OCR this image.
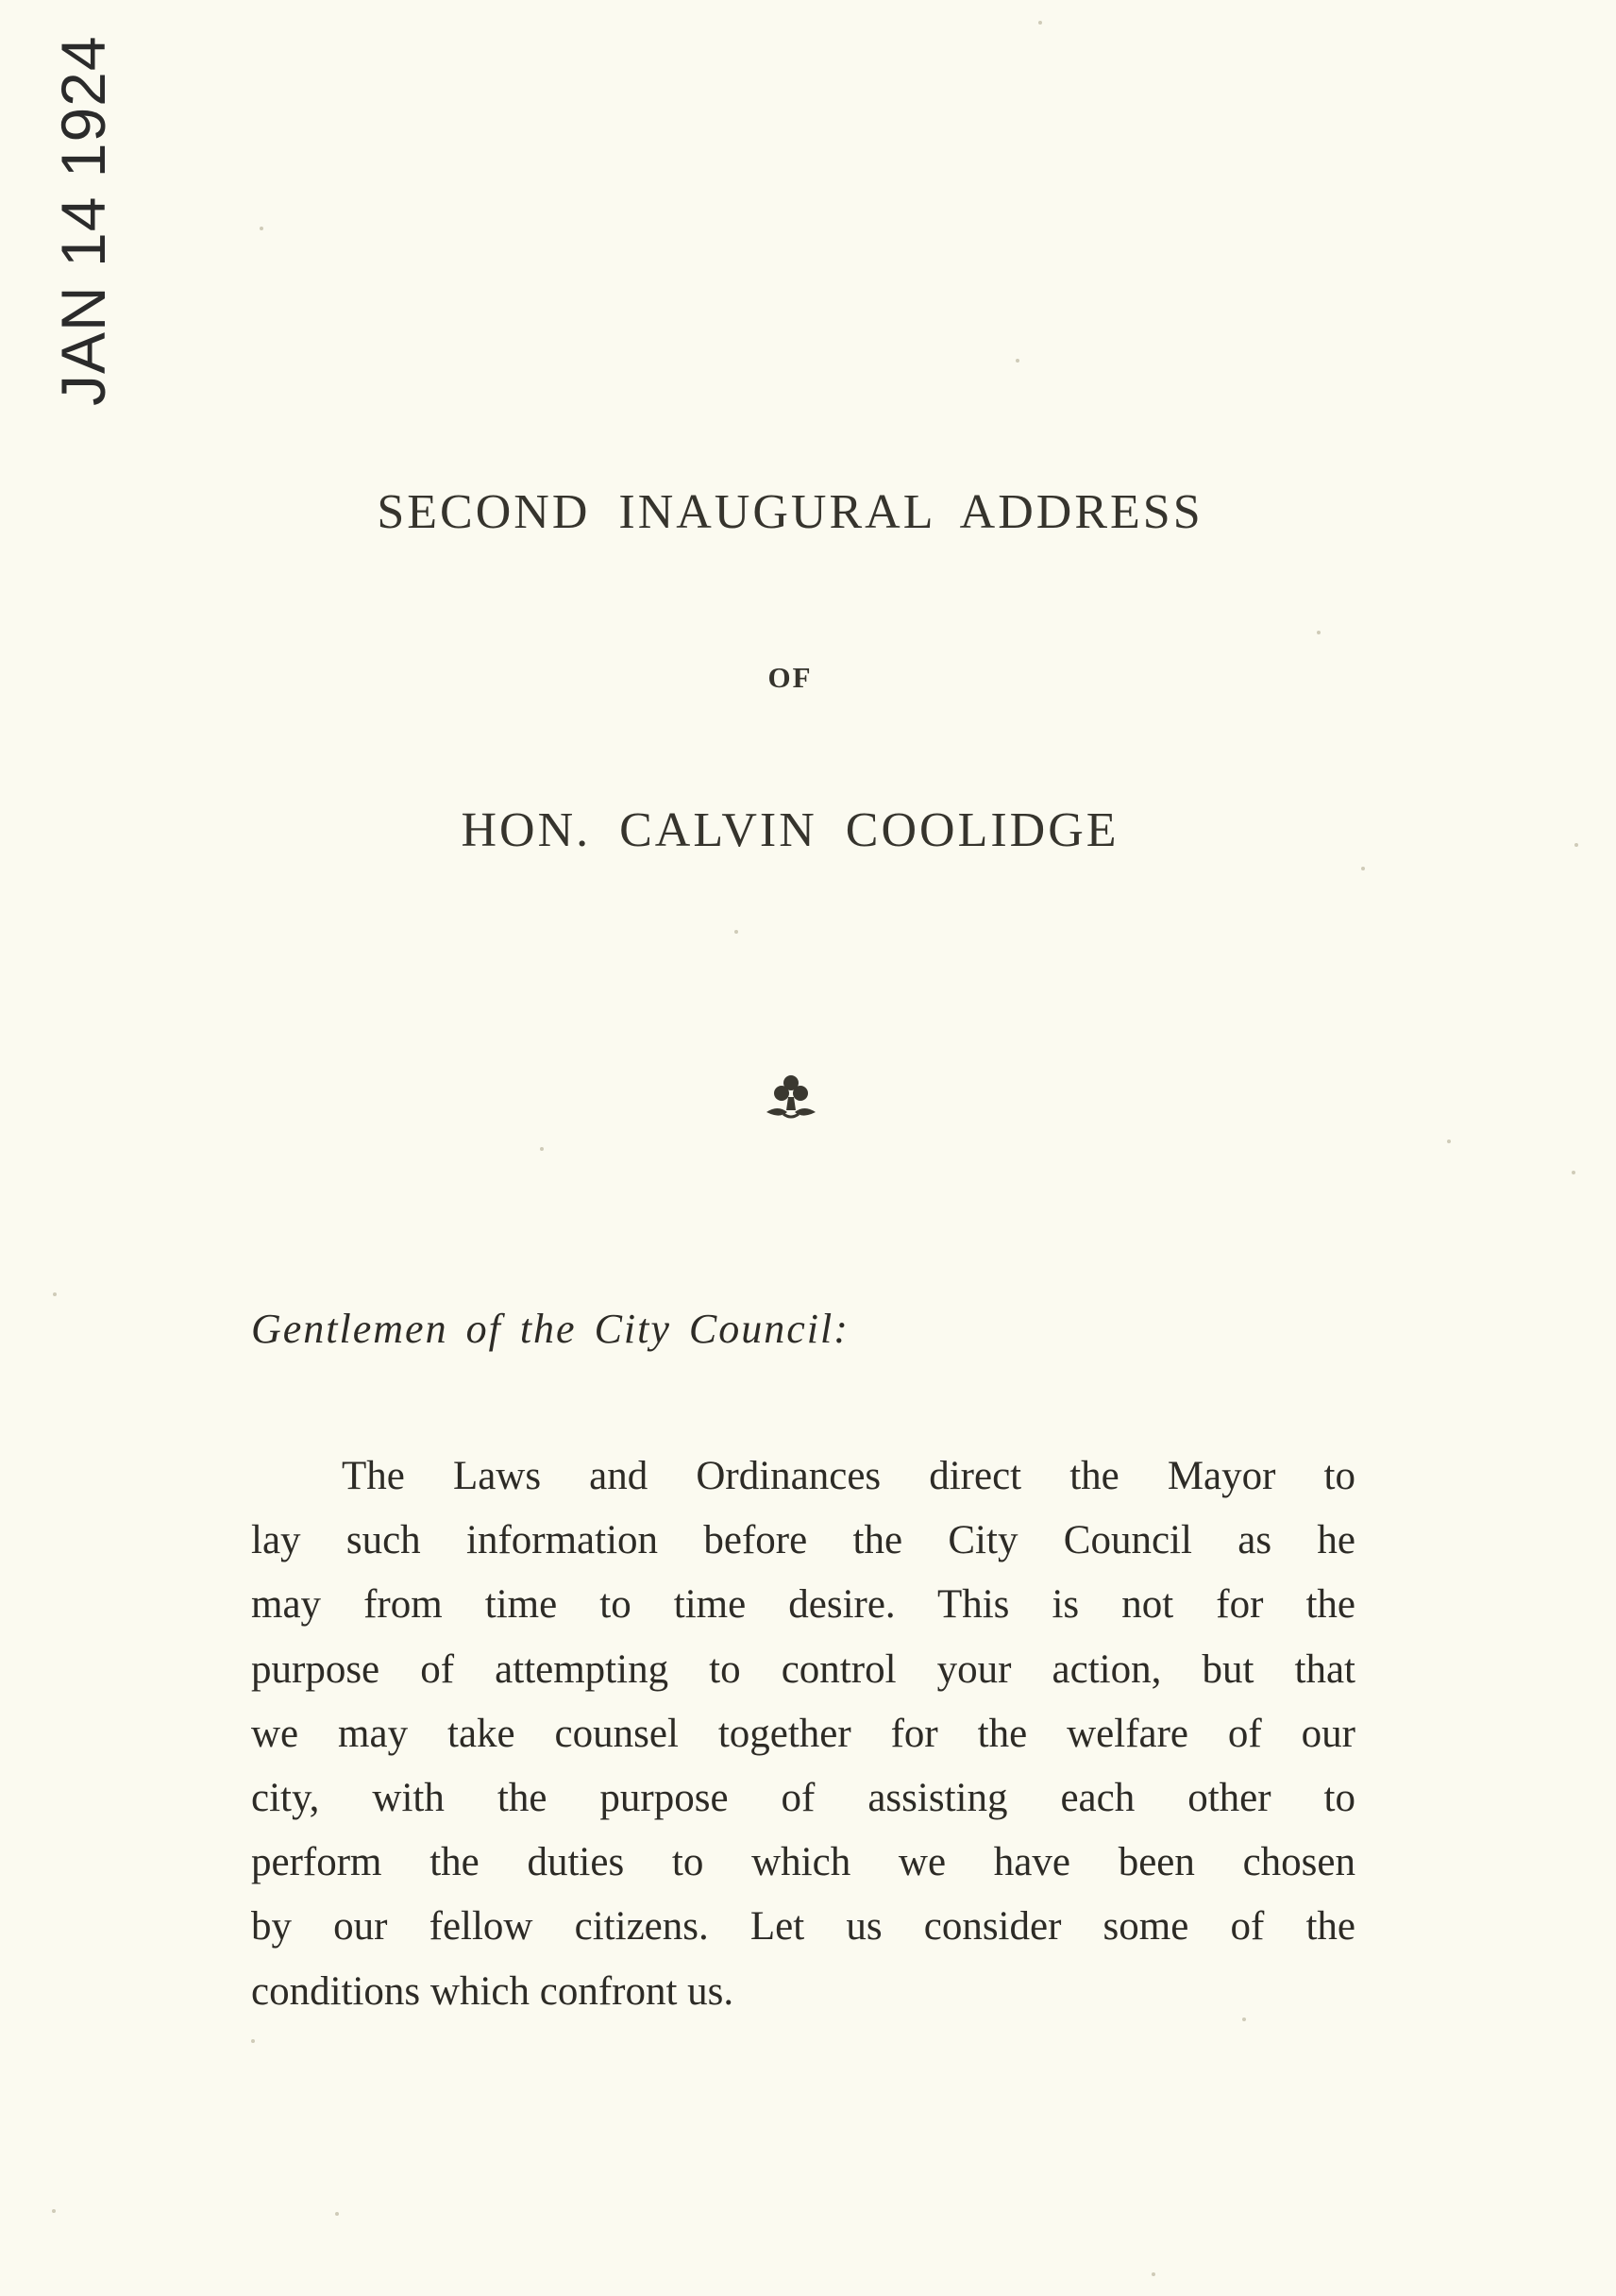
JAN 14 1924
SECOND INAUGURAL ADDRESS
OF
HON. CALVIN COOLIDGE
Gentlemen of the City Council:
The Laws and Ordinances direct the Mayor to
lay such information before the City Council as he
may from time to time desire. This is not for the
purpose of attempting to control your action, but that
we may take counsel together for the welfare of our
city, with the purpose of assisting each other to
perform the duties to which we have been chosen
by our fellow citizens. Let us consider some of the
conditions which confront us.
